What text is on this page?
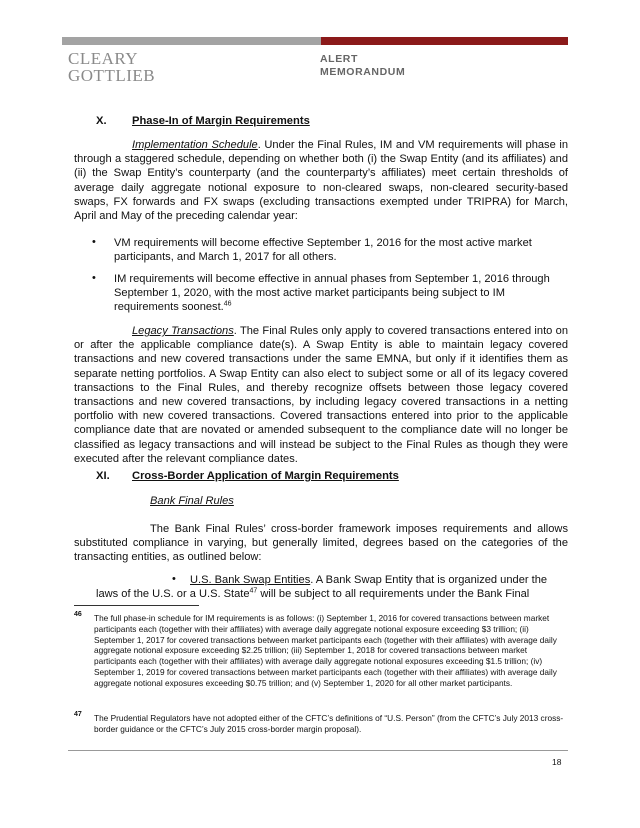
CLEARY
GOTTLIEB
ALERT
MEMORANDUM
X. Phase-In of Margin Requirements
Implementation Schedule. Under the Final Rules, IM and VM requirements will phase in through a staggered schedule, depending on whether both (i) the Swap Entity (and its affiliates) and (ii) the Swap Entity’s counterparty (and the counterparty’s affiliates) meet certain thresholds of average daily aggregate notional exposure to non-cleared swaps, non-cleared security-based swaps, FX forwards and FX swaps (excluding transactions exempted under TRIPRA) for March, April and May of the preceding calendar year:
• VM requirements will become effective September 1, 2016 for the most active market participants, and March 1, 2017 for all others.
• IM requirements will become effective in annual phases from September 1, 2016 through September 1, 2020, with the most active market participants being subject to IM requirements soonest.$^{46}$
Legacy Transactions. The Final Rules only apply to covered transactions entered into on or after the applicable compliance date(s). A Swap Entity is able to maintain legacy covered transactions and new covered transactions under the same EMNA, but only if it identifies them as separate netting portfolios. A Swap Entity can also elect to subject some or all of its legacy covered transactions to the Final Rules, and thereby recognize offsets between those legacy covered transactions and new covered transactions, by including legacy covered transactions in a netting portfolio with new covered transactions. Covered transactions entered into prior to the applicable compliance date that are novated or amended subsequent to the compliance date will no longer be classified as legacy transactions and will instead be subject to the Final Rules as though they were executed after the relevant compliance dates.
XI. Cross-Border Application of Margin Requirements
Bank Final Rules
The Bank Final Rules’ cross-border framework imposes requirements and allows substituted compliance in varying, but generally limited, degrees based on the categories of the transacting entities, as outlined below:
• U.S. Bank Swap Entities. A Bank Swap Entity that is organized under the
laws of the U.S. or a U.S. State$^{47}$ will be subject to all requirements under the Bank Final
46 The full phase-in schedule for IM requirements is as follows: (i) September 1, 2016 for covered transactions between market participants each (together with their affiliates) with average daily aggregate notional exposure exceeding $3 trillion; (ii) September 1, 2017 for covered transactions between market participants each (together with their affiliates) with average daily aggregate notional exposure exceeding $2.25 trillion; (iii) September 1, 2018 for covered transactions between market participants each (together with their affiliates) with average daily aggregate notional exposures exceeding $1.5 trillion; (iv) September 1, 2019 for covered transactions between market participants each (together with their affiliates) with average daily aggregate notional exposures exceeding $0.75 trillion; and (v) September 1, 2020 for all other market participants.
47 The Prudential Regulators have not adopted either of the CFTC’s definitions of “U.S. Person” (from the CFTC’s July 2013 cross-border guidance or the CFTC’s July 2015 cross-border margin proposal).
18
